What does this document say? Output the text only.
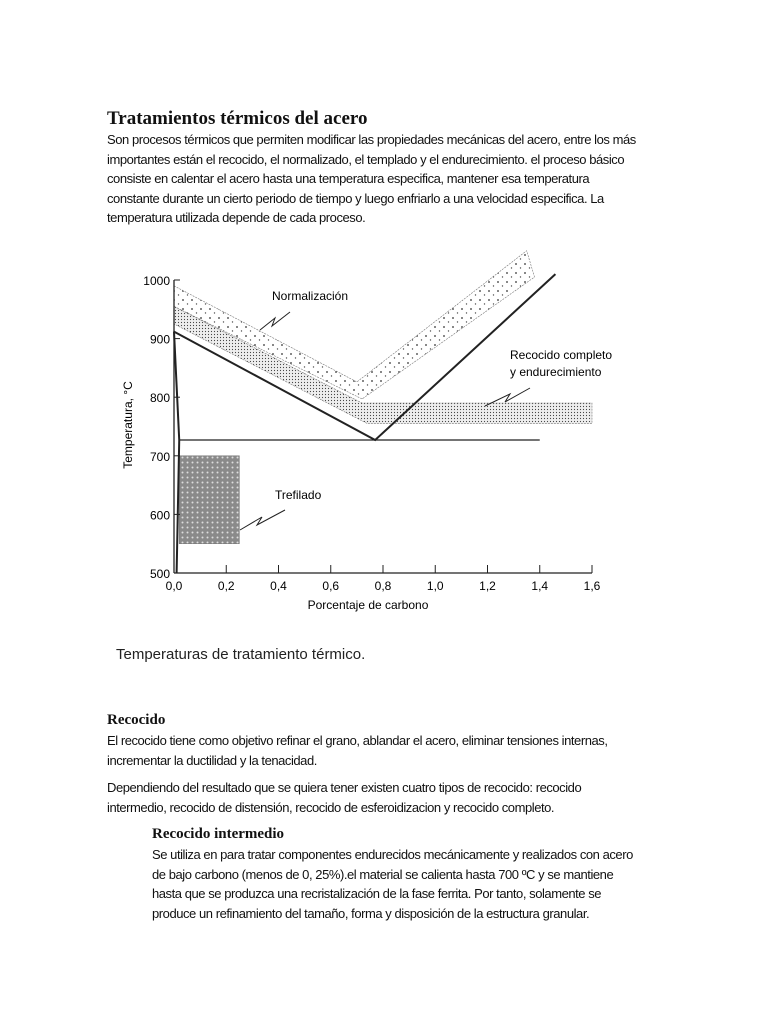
Tratamientos térmicos del acero
Son procesos térmicos que permiten modificar las propiedades mecánicas del acero, entre los más
importantes están el recocido, el normalizado, el templado y el endurecimiento. el proceso básico
consiste en calentar el acero hasta una temperatura especifica, mantener esa temperatura
constante durante un cierto periodo de tiempo y luego enfriarlo a una velocidad especifica. La
temperatura utilizada depende de cada proceso.
0,0	0,2	0,4	0,6	0,8	1,0	1,2	1,4	1,6
500
600
700
800
900
1000
Normalización
Recocido completo
y endurecimiento
Trefilado
Porcentaje de carbono
Temperatura, °C
Temperaturas de tratamiento térmico.
Recocido
El recocido tiene como objetivo refinar el grano, ablandar el acero, eliminar tensiones internas,
incrementar la ductilidad y la tenacidad.
Dependiendo del resultado que se quiera tener existen cuatro tipos de recocido: recocido
intermedio, recocido de distensión, recocido de esferoidizacion y recocido completo.
Recocido intermedio
Se utiliza en para tratar componentes endurecidos mecánicamente y realizados con acero
de bajo carbono (menos de 0, 25%).el material se calienta hasta 700 ºC y se mantiene
hasta que se produzca una recristalización de la fase ferrita. Por tanto, solamente se
produce un refinamiento del tamaño, forma y disposición de la estructura granular.
